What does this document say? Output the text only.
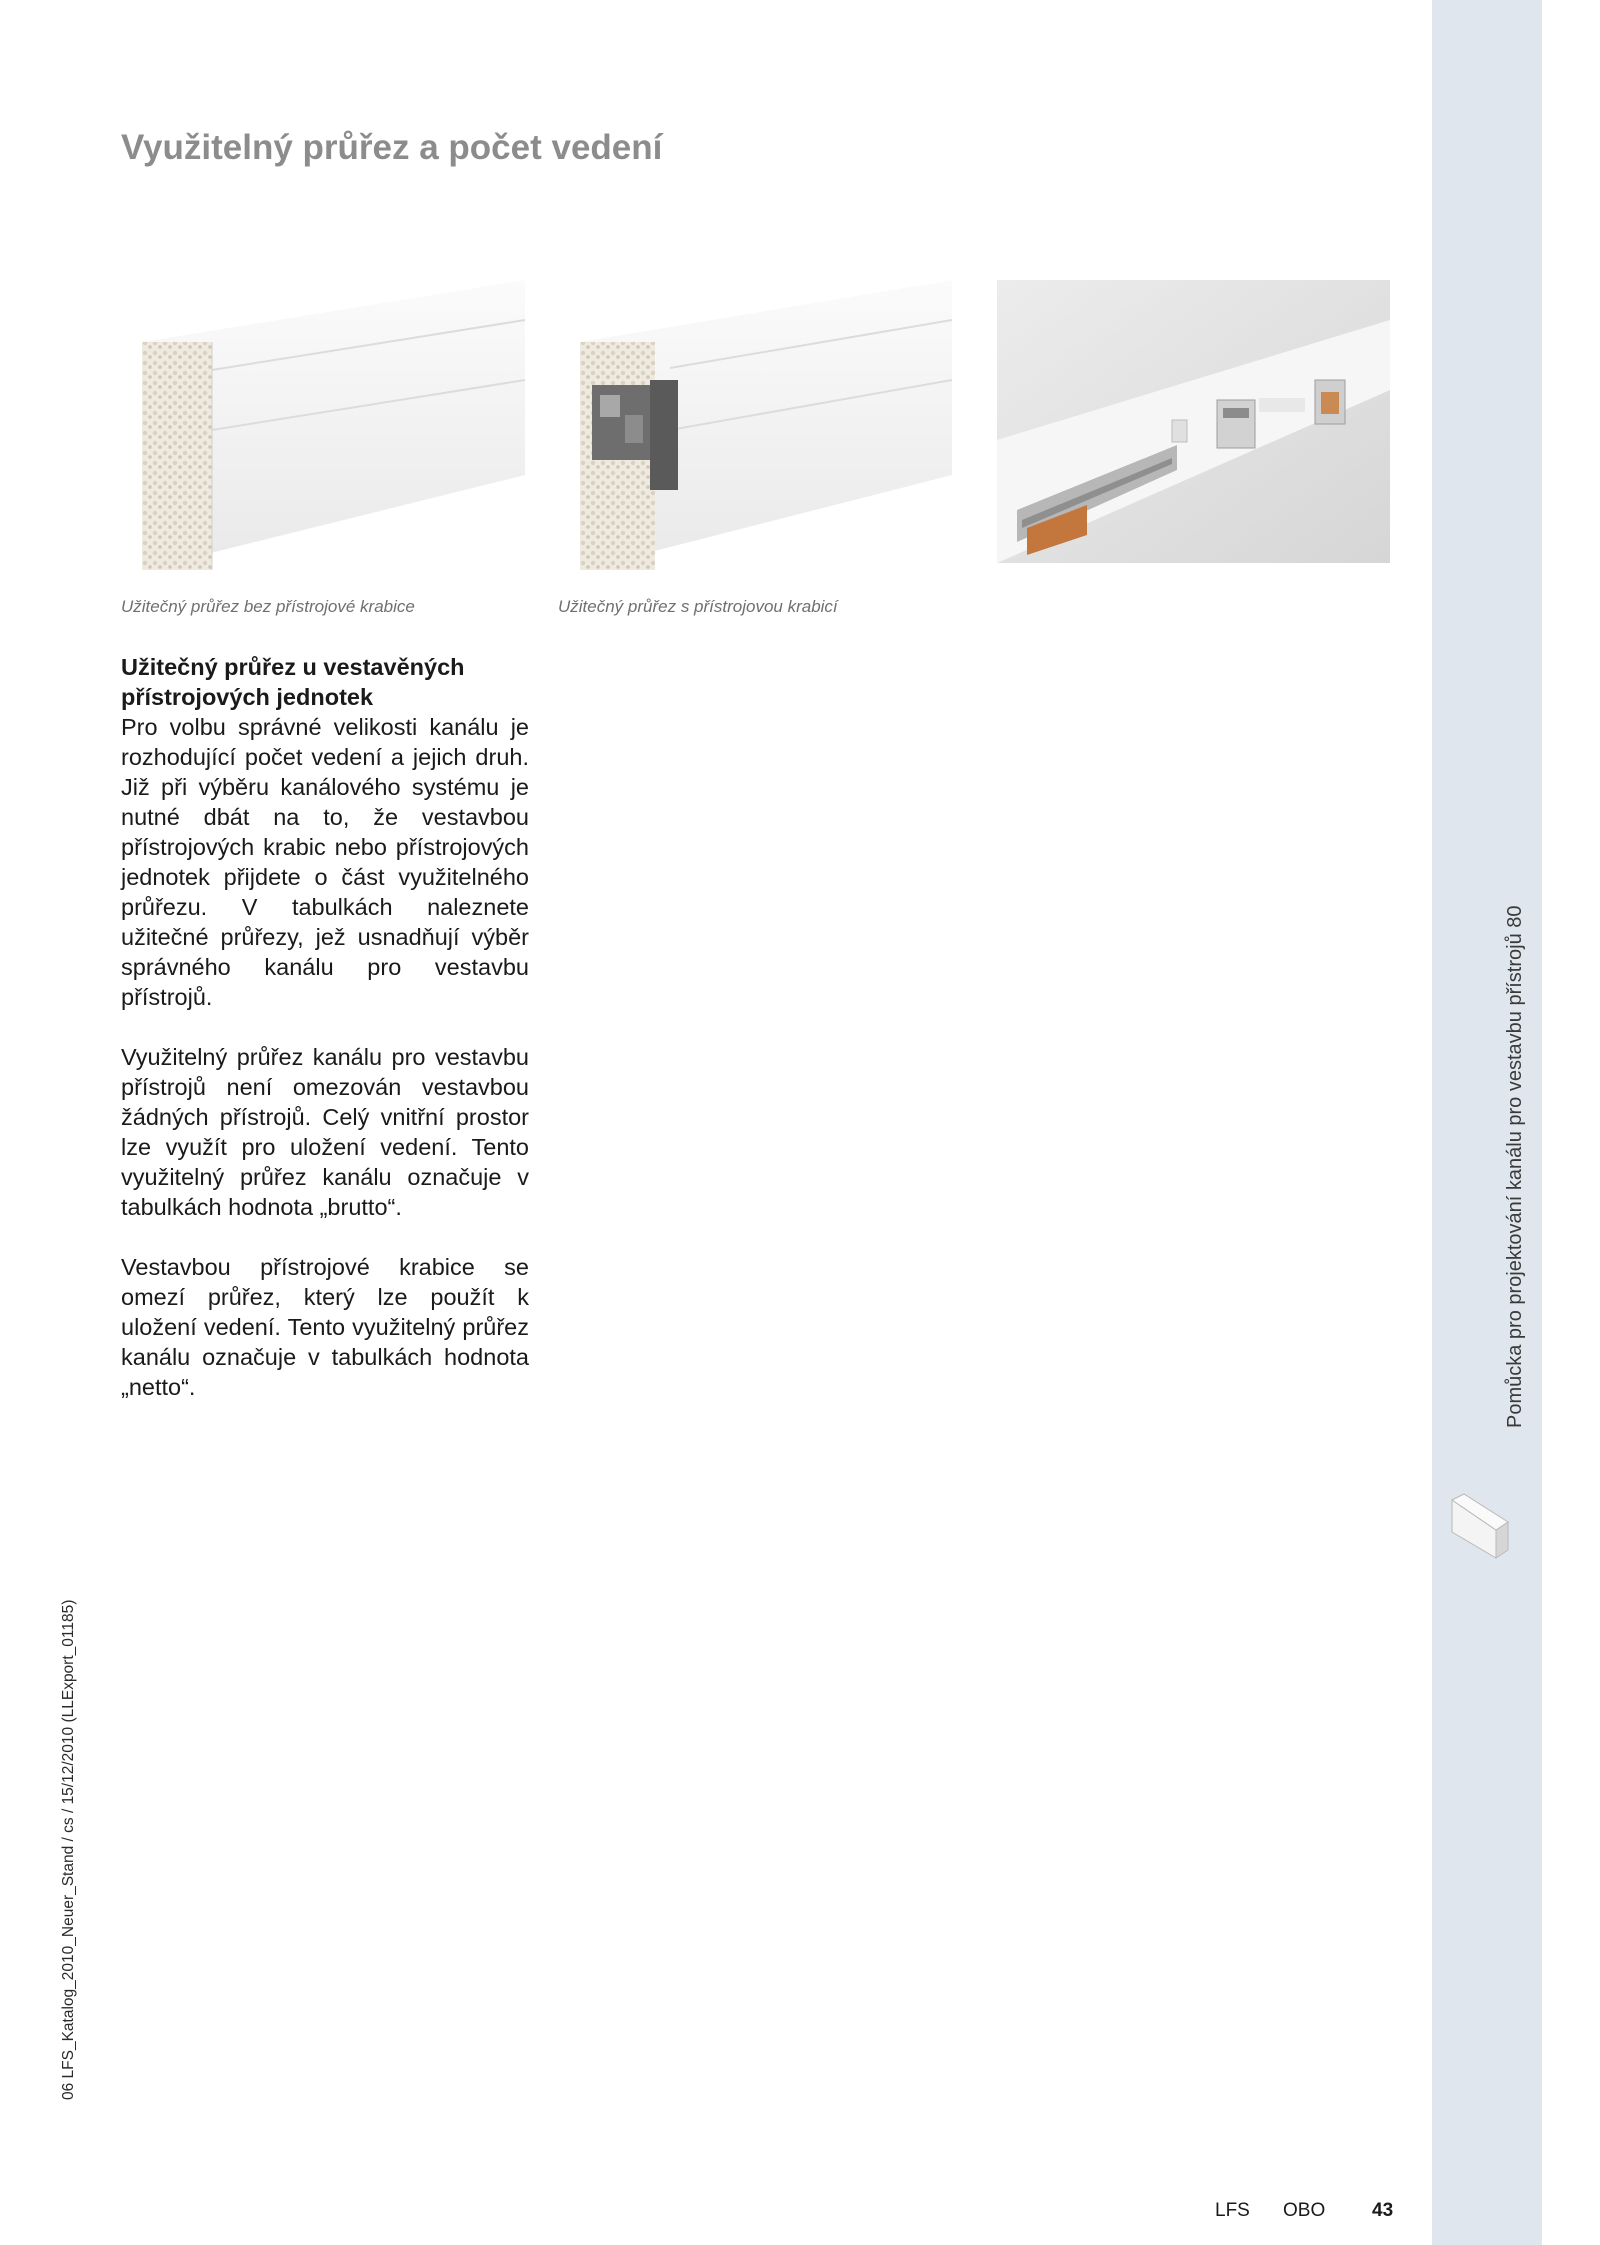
Využitelný průřez a počet vedení
Užitečný průřez bez přístrojové krabice	Užitečný průřez s přístrojovou krabicí

Užitečný průřez u vestavěných přístrojových jednotek

Pro volbu správné velikosti kanálu je rozhodující počet vedení a jejich druh. Již při výběru kanálového systému je nutné dbát na to, že vestavbou přístrojových krabic nebo přístrojových jednotek přijdete o část využitelného průřezu. V tabulkách naleznete užitečné průřezy, jež usnadňují výběr správného kanálu pro vestavbu přístrojů.

Využitelný průřez kanálu pro vestavbu přístrojů není omezován vestavbou žádných přístrojů. Celý vnitřní prostor lze využít pro uložení vedení. Tento využitelný průřez kanálu označuje v tabulkách hodnota „brutto“.

Vestavbou přístrojové krabice se omezí průřez, který lze použít k uložení vedení. Tento využitelný průřez kanálu označuje v tabulkách hodnota „netto“.	Pomůcka pro projektování kanálu pro vestavbu přístrojů 80
06 LFS_Katalog_2010_Neuer_Stand / cs / 15/12/2010 (LLExport_01185)
LFS OBO 43
